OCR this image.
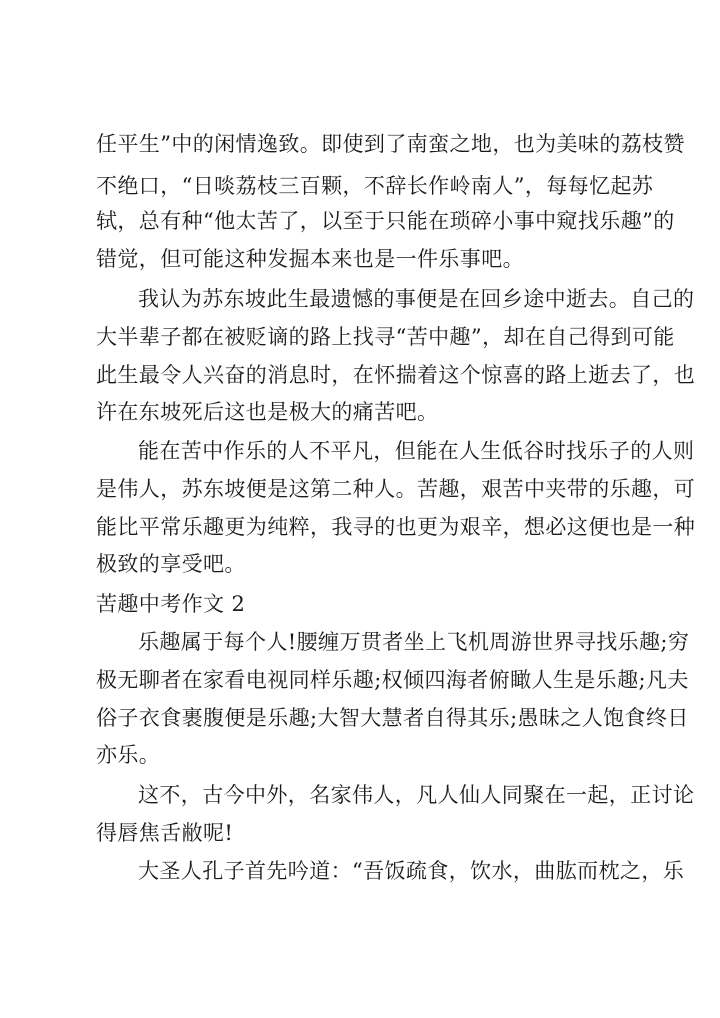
任平生”中的闲情逸致。即使到了南蛮之地，也为美味的荔枝赞
不绝口，“日啖荔枝三百颗，不辞长作岭南人”，每每忆起苏
轼，总有种“他太苦了，以至于只能在琐碎小事中窥找乐趣”的
错觉，但可能这种发掘本来也是一件乐事吧。
我认为苏东坡此生最遗憾的事便是在回乡途中逝去。自己的
大半辈子都在被贬谪的路上找寻“苦中趣”，却在自己得到可能
此生最令人兴奋的消息时，在怀揣着这个惊喜的路上逝去了，也
许在东坡死后这也是极大的痛苦吧。
能在苦中作乐的人不平凡，但能在人生低谷时找乐子的人则
是伟人，苏东坡便是这第二种人。苦趣，艰苦中夹带的乐趣，可
能比平常乐趣更为纯粹，我寻的也更为艰辛，想必这便也是一种
极致的享受吧。
苦趣中考作文 2
乐趣属于每个人!腰缠万贯者坐上飞机周游世界寻找乐趣;穷
极无聊者在家看电视同样乐趣;权倾四海者俯瞰人生是乐趣;凡夫
俗子衣食裹腹便是乐趣;大智大慧者自得其乐;愚昧之人饱食终日
亦乐。
这不，古今中外，名家伟人，凡人仙人同聚在一起，正讨论
得唇焦舌敝呢!
大圣人孔子首先吟道：“吾饭疏食，饮水，曲肱而枕之，乐
